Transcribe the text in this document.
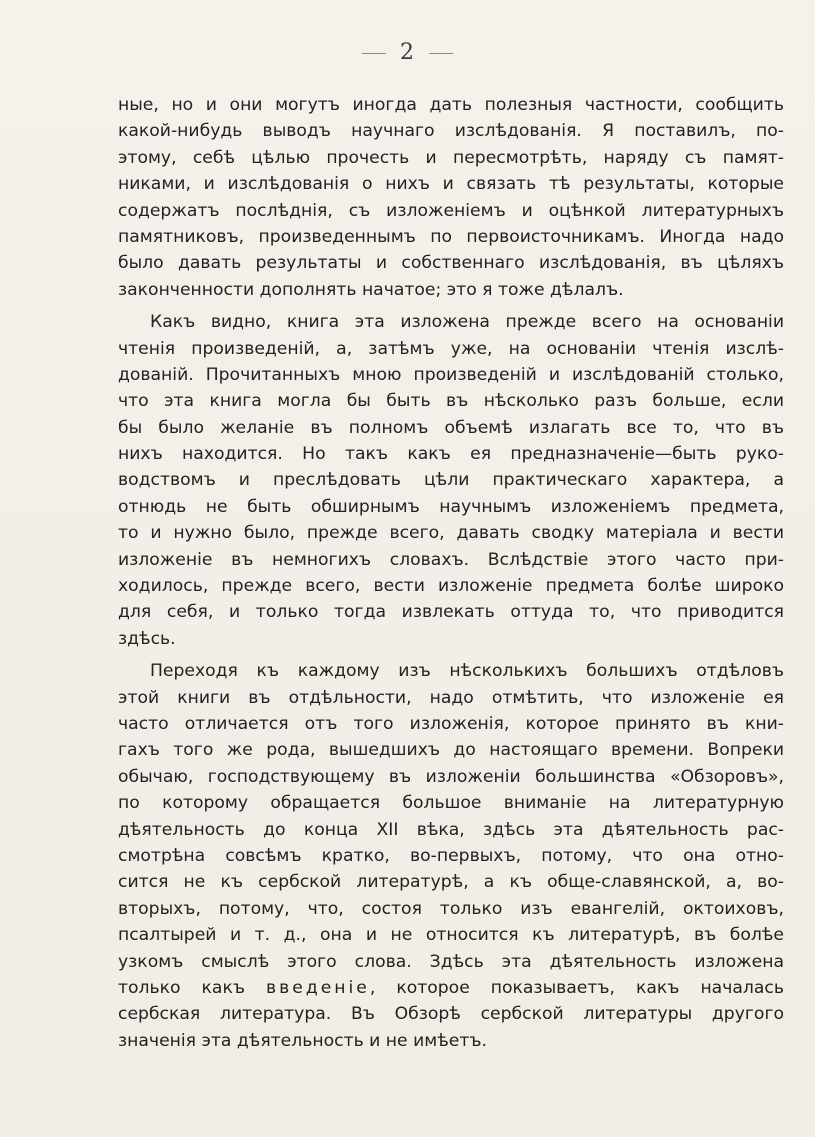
2
ные, но и они могутъ иногда дать полезныя частности, сообщить
какой-нибудь выводъ научнаго изслѣдованія. Я поставилъ, по-
этому, себѣ цѣлью прочесть и пересмотрѣть, наряду съ памят-
никами, и изслѣдованія о нихъ и связать тѣ результаты, которые
содержатъ послѣднія, съ изложеніемъ и оцѣнкой литературныхъ
памятниковъ, произведеннымъ по первоисточникамъ. Иногда надо
было давать результаты и собственнаго изслѣдованія, въ цѣляхъ
законченности дополнять начатое; это я тоже дѣлалъ.
Какъ видно, книга эта изложена прежде всего на основаніи
чтенія произведеній, а, затѣмъ уже, на основаніи чтенія изслѣ-
дованій. Прочитанныхъ мною произведеній и изслѣдованій столько,
что эта книга могла бы быть въ нѣсколько разъ больше, если
бы было желаніе въ полномъ объемѣ излагать все то, что въ
нихъ находится. Но такъ какъ ея предназначеніе—быть руко-
водствомъ и преслѣдовать цѣли практическаго характера, а
отнюдь не быть обширнымъ научнымъ изложеніемъ предмета,
то и нужно было, прежде всего, давать сводку матеріала и вести
изложеніе въ немногихъ словахъ. Вслѣдствіе этого часто при-
ходилось, прежде всего, вести изложеніе предмета болѣе широко
для себя, и только тогда извлекать оттуда то, что приводится
здѣсь.
Переходя къ каждому изъ нѣсколькихъ большихъ отдѣловъ
этой книги въ отдѣльности, надо отмѣтить, что изложеніе ея
часто отличается отъ того изложенія, которое принято въ кни-
гахъ того же рода, вышедшихъ до настоящаго времени. Вопреки
обычаю, господствующему въ изложеніи большинства «Обзоровъ»,
по которому обращается большое вниманіе на литературную
дѣятельность до конца XII вѣка, здѣсь эта дѣятельность рас-
смотрѣна совсѣмъ кратко, во-первыхъ, потому, что она отно-
сится не къ сербской литературѣ, а къ обще-славянской, а, во-
вторыхъ, потому, что, состоя только изъ евангелій, октоиховъ,
псалтырей и т. д., она и не относится къ литературѣ, въ болѣе
узкомъ смыслѣ этого слова. Здѣсь эта дѣятельность изложена
только какъ введеніе, которое показываетъ, какъ началась
сербская литература. Въ Обзорѣ сербской литературы другого
значенія эта дѣятельность и не имѣетъ.
